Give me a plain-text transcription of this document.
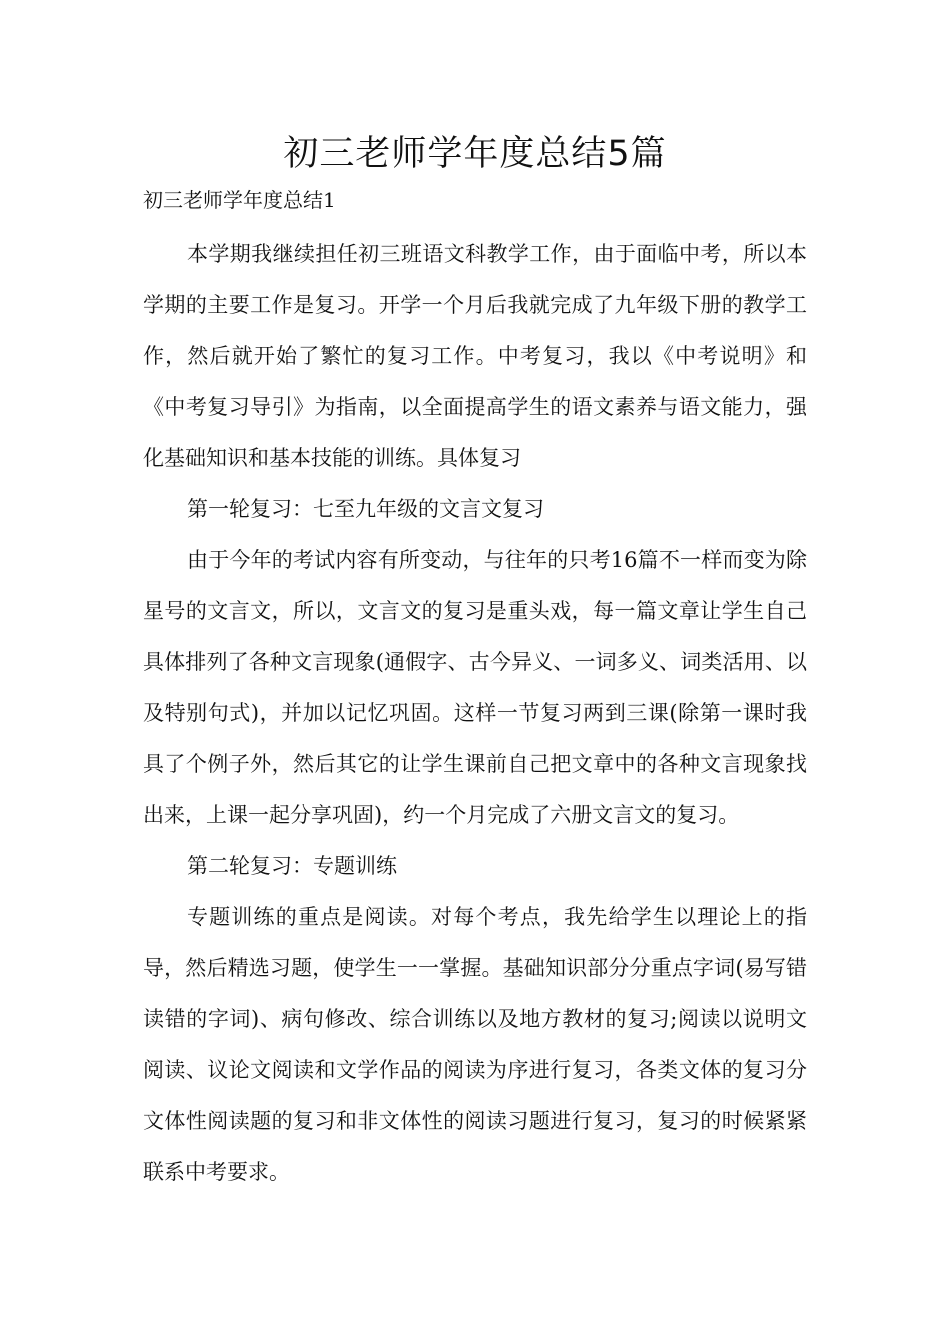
初三老师学年度总结5篇
初三老师学年度总结1

本学期我继续担任初三班语文科教学工作，由于面临中考，所以本学期的主要工作是复习。开学一个月后我就完成了九年级下册的教学工作，然后就开始了繁忙的复习工作。中考复习，我以《中考说明》和《中考复习导引》为指南，以全面提高学生的语文素养与语文能力，强化基础知识和基本技能的训练。具体复习

第一轮复习：七至九年级的文言文复习

由于今年的考试内容有所变动，与往年的只考16篇不一样而变为除星号的文言文，所以，文言文的复习是重头戏，每一篇文章让学生自己具体排列了各种文言现象(通假字、古今异义、一词多义、词类活用、以及特别句式)，并加以记忆巩固。这样一节复习两到三课(除第一课时我具了个例子外，然后其它的让学生课前自己把文章中的各种文言现象找出来，上课一起分享巩固)，约一个月完成了六册文言文的复习。

第二轮复习：专题训练

专题训练的重点是阅读。对每个考点，我先给学生以理论上的指导，然后精选习题，使学生一一掌握。基础知识部分分重点字词(易写错读错的字词)、病句修改、综合训练以及地方教材的复习;阅读以说明文阅读、议论文阅读和文学作品的阅读为序进行复习，各类文体的复习分文体性阅读题的复习和非文体性的阅读习题进行复习，复习的时候紧紧联系中考要求。
